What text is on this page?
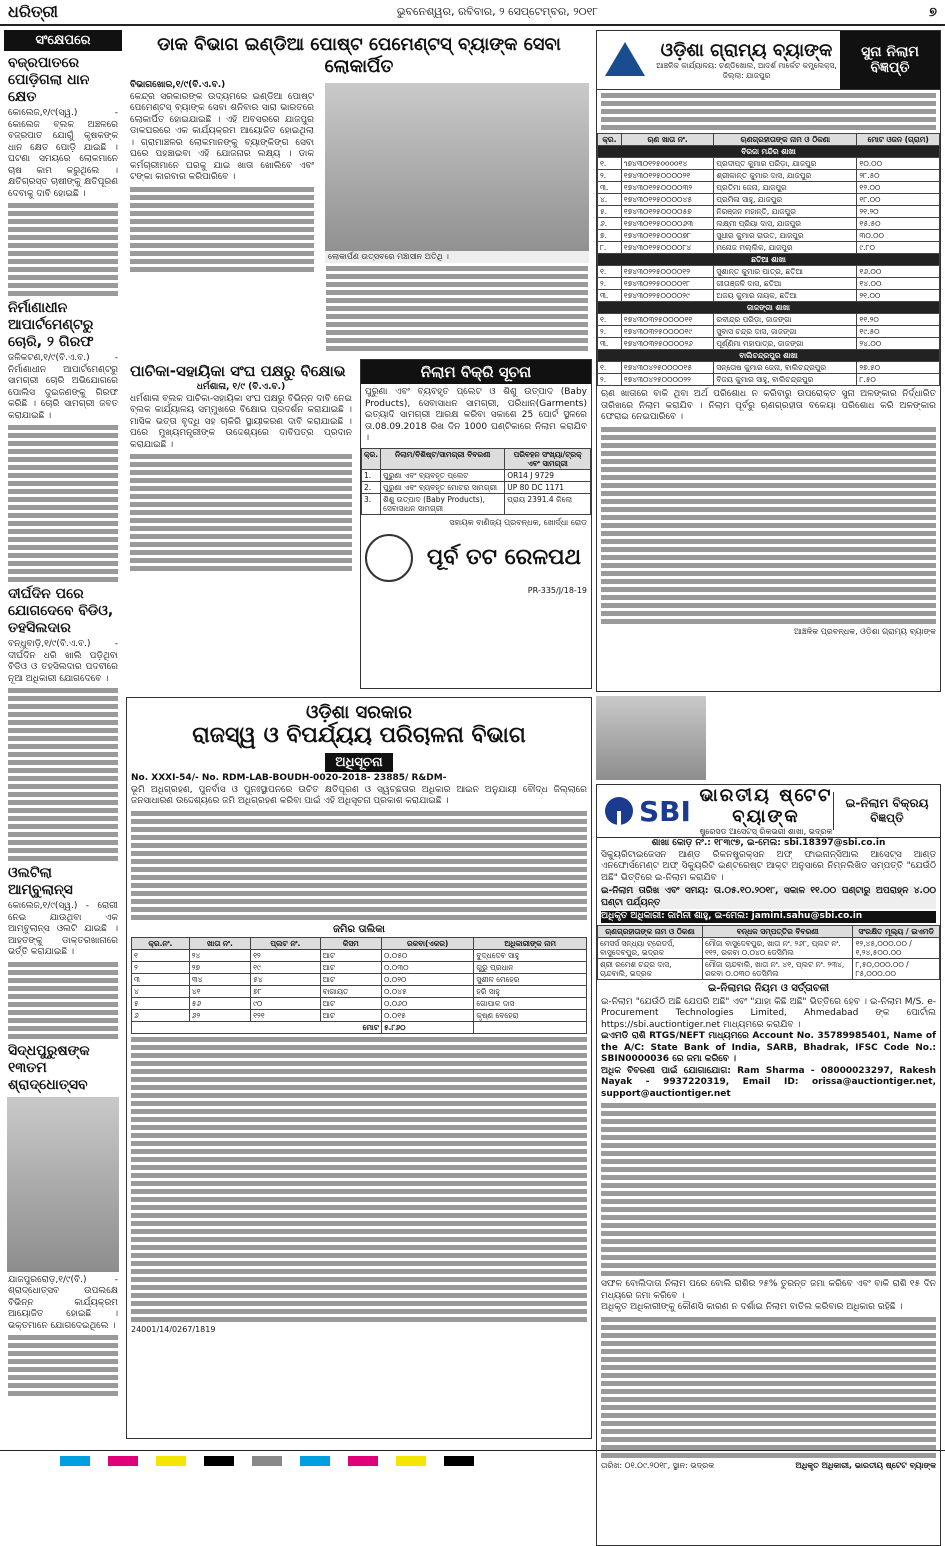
ଧରିତ୍ରୀ	ଭୁବନେଶ୍ୱର, ରବିବାର, ୨ ସେପ୍ଟେମ୍ବର, ୨୦୧୮	୭
ସଂକ୍ଷେପରେ
ବଜ୍ରପାତରେ ପୋଡ଼ିଗଲା ଧାନ କ୍ଷେତ
କୋଲେଜ,୧/୯(ସ୍ୱ.) - କୋଲେଜ ବ୍ଲକ ଅଞ୍ଚଳରେ ବଜ୍ରପାତ ଯୋଗୁଁ କୃଷକଙ୍କ ଧାନ କ୍ଷେତ ପୋଡ଼ି ଯାଇଛି । ଘଟଣା ସମୟରେ ଲୋକମାନେ ଚାଷ କାମ କରୁଥିଲେ । କ୍ଷତିଗ୍ରସ୍ତ ଚାଷୀଙ୍କୁ କ୍ଷତିପୂରଣ ଦେବାକୁ ଦାବି ହୋଇଛି ।
ନିର୍ମାଣାଧୀନ ଆପାର୍ଟମେଣ୍ଟରୁ ଚୋରି, ୨ ଗିରଫ
ଜଳିକଟଣ,୧/୯(ବି.ଏ.ବ.) - ନିର୍ମାଣାଧୀନ ଆପାର୍ଟମେଣ୍ଟରୁ ସାମଗ୍ରୀ ଚୋରି ଅଭିଯୋଗରେ ପୋଲିସ ଦୁଇଜଣଙ୍କୁ ଗିରଫ କରିଛି । ଚୋରି ସାମଗ୍ରୀ ଜବତ କରାଯାଇଛି ।
ଦୀର୍ଘଦିନ ପରେ ଯୋଗଦେବେ ବିଡିଓ, ତହସିଲଦାର
ବନ୍ଧୁବାଡ଼ି,୧/୯(ବି.ଏ.ବ.) - ଦୀର୍ଘଦିନ ଧରି ଖାଲି ପଡ଼ିଥିବା ବିଡିଓ ଓ ତହସିଲଦାର ପଦବୀରେ ନୂଆ ଅଧିକାରୀ ଯୋଗଦେବେ ।
ଓଲଟିଲା ଆମ୍ବୁଲାନ୍ସ
କୋଲେଜ,୧/୯(ସ୍ୱ.) - ରୋଗୀ ନେଇ ଯାଉଥିବା ଏକ ଆମ୍ବୁଲାନ୍ସ ଓଲଟି ଯାଇଛି । ଆହତଙ୍କୁ ଡାକ୍ତରଖାନାରେ ଭର୍ତ୍ତି କରାଯାଇଛି ।
ସିଦ୍ଧପୁରୁଷଙ୍କ ୧୩ତମ ଶ୍ରାଦ୍ଧୋତ୍ସବ
ଯାଜପୁରରୋଡ଼,୧/୯(ବି.) - ଶ୍ରାଦ୍ଧୋତ୍ସବ ଉପଲକ୍ଷେ ବିଭିନ୍ନ କାର୍ଯ୍ୟକ୍ରମ ଆୟୋଜିତ ହୋଇଛି । ଭକ୍ତମାନେ ଯୋଗଦେଇଥିଲେ ।
ଡାକ ବିଭାଗ ଇଣ୍ଡିଆ ପୋଷ୍ଟ ପେମେଣ୍ଟସ୍ ବ୍ୟାଙ୍କ ସେବା ଲୋକାର୍ପିତ
ବିଭାଗଖୋର,୧/୯(ବି.ଏ.ବ.)
କେନ୍ଦ୍ର ସରକାରଙ୍କ ଉଦ୍ୟମରେ ଇଣ୍ଡିଆ ପୋଷ୍ଟ ପେମେଣ୍ଟସ୍ ବ୍ୟାଙ୍କ ସେବା ଶନିବାର ସାରା ଭାରତରେ ଲୋକାର୍ପିତ ହୋଇଯାଇଛି । ଏହି ଅବସରରେ ଯାଜପୁର ଡାକଘରରେ ଏକ କାର୍ଯ୍ୟକ୍ରମ ଆୟୋଜିତ ହୋଇଥିଲା । ଗ୍ରାମାଞ୍ଚଳର ଲୋକମାନଙ୍କୁ ବ୍ୟାଙ୍କିଙ୍ଗ ସେବା ଘରେ ପହଞ୍ଚାଇବା ଏହି ଯୋଜନାର ଲକ୍ଷ୍ୟ । ଡାକ କର୍ମଚାରୀମାନେ ଘରକୁ ଯାଇ ଖାତା ଖୋଲିବେ ଏବଂ ଟଙ୍କା କାରବାର କରିପାରିବେ ।
ଲୋକାର୍ପଣ ଉତ୍ସବରେ ମଞ୍ଚାସୀନ ଅତିଥି ।
ପାଚିକା-ସହାୟିକା ସଂଘ ପକ୍ଷରୁ ବିକ୍ଷୋଭ
ଧର୍ମଶାଳା, ୧/୯ (ବି.ଏ.ବ.)
ଧର୍ମଶାଳା ବ୍ଲକ ପାଚିକା-ସହାୟିକା ସଂଘ ପକ୍ଷରୁ ବିଭିନ୍ନ ଦାବି ନେଇ ବ୍ଲକ କାର୍ଯ୍ୟାଳୟ ସମ୍ମୁଖରେ ବିକ୍ଷୋଭ ପ୍ରଦର୍ଶନ କରାଯାଇଛି । ମାସିକ ଭତ୍ତା ବୃଦ୍ଧି ସହ ଚାକିରି ସ୍ଥାୟୀକରଣ ଦାବି କରାଯାଇଛି । ପରେ ମୁଖ୍ୟମନ୍ତ୍ରୀଙ୍କ ଉଦ୍ଦେଶ୍ୟରେ ଦାବିପତ୍ର ପ୍ରଦାନ କରାଯାଇଛି ।
ନିଲାମ ବିକ୍ରି ସୂଚନା
ପୁରୁଣା ଏବଂ ବ୍ୟବହୃତ ପ୍ଲେଟ ଓ ଶିଶୁ ଉତ୍ପାଦ (Baby Products), ସେବାସାଧନ ସାମଗ୍ରୀ, ପରିଧାନ(Garments) ଇତ୍ୟାଦି ସାମଗ୍ରୀ ଆରକ୍ଷ କରିବା ସକାଶେ 25 ପୋର୍ଟ ସ୍ଥଳରେ ତା.08.09.2018 ରିଖ ଦିନ 1000 ଘଣ୍ଟିକାରେ ନିଲାମ କରାଯିବ ।
କ୍ର.	ନିଲାମ/ବିଶିଷ୍ଟ/ସାମଗ୍ରୀ ବିବରଣୀ	ପରିବହନ ସଂଖ୍ୟା/ଟ୍ରକ୍ ଏବଂ ସାମଗ୍ରୀ
1.	ପୁରୁଣା ଏବଂ ବ୍ୟବହୃତ ପ୍ଲେଟ	OR14 J 9729
2.	ପୁରୁଣା ଏବଂ ବ୍ୟବହୃତ ମୋଟର ସାମଗ୍ରୀ	UP 80 DC 1171
3.	ଶିଶୁ ଉତ୍ପାଦ (Baby Products), ସେବାସାଧନ ସାମଗ୍ରୀ	ପ୍ରାୟ 2391.4 କିଲୋ
ସହାୟକ ବାଣିଜ୍ୟ ପ୍ରବନ୍ଧକ, ଖୋର୍ଦ୍ଧା ରୋଡ଼
ପୂର୍ବ ତଟ ରେଳପଥ
PR-335/J/18-19
ଓଡ଼ିଶା ସରକାର
ରାଜସ୍ୱ ଓ ବିପର୍ଯ୍ୟୟ ପରିଚାଳନା ବିଭାଗ
ଅଧିସୂଚନା
No. XXXI-54/- No. RDM-LAB-BOUDH-0020-2018- 23885/ R&DM-
ଭୂମି ଅଧିଗ୍ରହଣ, ପୁନର୍ବାସ ଓ ପୁନଃସ୍ଥାପନରେ ଉଚିତ କ୍ଷତିପୂରଣ ଓ ସ୍ୱଚ୍ଛତାର ଅଧିକାର ଆଇନ ଅନୁଯାୟୀ ବୌଦ୍ଧ ଜିଲ୍ଲାରେ ଜନସାଧାରଣ ଉଦ୍ଦେଶ୍ୟରେ ଜମି ଅଧିଗ୍ରହଣ କରିବା ପାଇଁ ଏହି ଅଧିସୂଚନା ପ୍ରକାଶ କରାଯାଇଛି ।
ଜମିର ତାଲିକା
କ୍ର.ନଂ.	ଖାତା ନଂ.	ପ୍ଲଟ ନଂ.	କିସମ	ରକବା(ଏକର)	ଅଧିକାରୀଙ୍କ ନାମ
୧	୨୪	୧୨	ଆଟ	୦.୦୫୦	ବୁଦ୍ଧଦେବ ସାହୁ
୨	୨୭	୧୯	ଆଟ	୦.୦୩୦	ଗୁରୁ ପ୍ରଧାନ
୩	୩୪	୫୪	ଆଟ	୦.୦୨୦	ସୁଶୀଳ ମେହେର
୪	୪୧	୭୮	ବାଗାୟତ	୦.୦୪୫	ହରି ସାହୁ
୫	୫୬	୯୦	ଆଟ	୦.୦୬୦	ଗୋପାଳ ଦାସ
୬	୬୨	୧୨୧	ଆଟ	୦.୦୧୫	କୃଷ୍ଣ ବେହେରା
ମୋଟ				୫.୮୬୦	
24001/14/0267/1819
ଓଡ଼ିଶା ଗ୍ରାମ୍ୟ ବ୍ୟାଙ୍କ
ଆଞ୍ଚଳିକ କାର୍ଯ୍ୟାଳୟ: ଚଣ୍ଡିଖୋଲ, ଆଦର୍ଶ ମାର୍କେଟ କମ୍ପ୍ଲେକ୍ସ, ଜିଲ୍ଲା: ଯାଜପୁର
ସୁନା ନିଲାମ ବିଜ୍ଞପ୍ତି
କ୍ର.	ଋଣ ଖାତା ନଂ.	ଋଣଗ୍ରହୀତାଙ୍କ ନାମ ଓ ଠିକଣା	ମୋଟ ଓଜନ (ଗ୍ରାମ)
ବିରଜା ମନ୍ଦିର ଶାଖା			
୧.	૧୭୪୩୦୧୨୫૦૦૦૦୧୪	ପ୍ରଦୀପ୍ତ କୁମାର ପରିଡ଼ା, ଯାଜପୁର	୧୦.୦୦
୨.	୧୭୪୩୦୧୨୫୦୦୦୦୨୧	ଶ୍ରୀକାନ୍ତ କୁମାର ଦାସ, ଯାଜପୁର	୨୮.୫୦
୩.	୧୭୪୩୦୧୨୫୦୦୦୦୩୨	ପ୍ରତିମା ଜେନା, ଯାଜପୁର	୧୨.୦୦
୪.	୧୭୪୩୦୧୨୫୦୦୦୦୪୫	ପ୍ରମିଳା ସାହୁ, ଯାଜପୁର	୧୮.୦୦
୫.	୧୭୪୩୦୧୨୫୦୦୦୦୫୭	ନିରଞ୍ଜନ ମହାନ୍ତି, ଯାଜପୁର	୨୧.୨୦
୬.	୧୭୪୩୦୧୨୫୦୦୦୦୬୩	ଲକ୍ଷ୍ମୀ ପ୍ରିୟା ଦାସ, ଯାଜପୁର	୧୫.୫୦
୭.	୧୭୪୩୦୧୨୫୦୦୦୦୭୮	ସୁଧୀର କୁମାର ରାଉତ, ଯାଜପୁର	୩୦.୦୦
୮.	୧୭୪୩୦୧୨୫୦୦୦୦୮୪	ମନୋଜ ମଲ୍ଲିକ, ଯାଜପୁର	୯.୮୦
ଛତିଆ ଶାଖା			
୧.	୧୭୪୩୦୨୨୫୦୦୦୦୧୨	ସୁଶାନ୍ତ କୁମାର ପାତ୍ର, ଛତିଆ	୧୬.୦୦
୨.	୧୭୪୩୦୨୨୫୦୦୦୦୧୮	ଗୀତାଞ୍ଜଳି ଦାସ, ଛତିଆ	୧୪.୦୦
୩.	୧୭୪୩୦୨୨୫୦୦୦୦୨୯	ଅଜୟ କୁମାର ନାୟକ, ଛତିଆ	୨୧.୦୦
ଜାଜଙ୍ଗା ଶାଖା			
୧.	୧୭୪୩୦୩୨୫୦୦୦୦୧୧	ରବୀନ୍ଦ୍ର ପରିଡ଼ା, ଜାଜଙ୍ଗା	୧୧.୨୦
୨.	୧୭୪୩୦୩୨୫୦୦୦୦୧୯	ସୁବାସ ଚନ୍ଦ୍ର ଦାସ, ଜାଜଙ୍ଗା	୧୯.୫୦
୩.	୧୭୪୩୦୩୨୫୦୦୦୦୨୬	ପୂର୍ଣ୍ଣିମା ମହାପାତ୍ର, ଜାଜଙ୍ଗା	୨୪.୦୦
ବାଲିଚନ୍ଦ୍ରପୁର ଶାଖା			
୧.	୧୭୪୩୦୪୨୫୦୦୦୦୧୫	ସନ୍ତୋଷ କୁମାର ଜେନା, ବାଲିଚନ୍ଦ୍ରପୁର	୨୭.୫୦
୨.	୧୭୪୩୦୪୨୫୦୦୦୦୨୨	ବିଜୟ କୁମାର ସାହୁ, ବାଲିଚନ୍ଦ୍ରପୁର	୮.୫୦
ଋଣ ଖାତାରେ ବାକି ଥିବା ଅର୍ଥ ପରିଶୋଧ ନ କରିବାରୁ ଉପରୋକ୍ତ ସୁନା ଅଳଙ୍କାର ନିର୍ଦ୍ଧାରିତ ତାରିଖରେ ନିଲାମ କରାଯିବ । ନିଲାମ ପୂର୍ବରୁ ଋଣଗ୍ରହୀତା ବକେୟା ପରିଶୋଧ କରି ଅଳଙ୍କାର ଫେରାଇ ନେଇପାରିବେ ।
ଆଞ୍ଚଳିକ ପ୍ରବନ୍ଧକ, ଓଡ଼ିଶା ଗ୍ରାମ୍ୟ ବ୍ୟାଙ୍କ
SBI ଭାରତୀୟ ଷ୍ଟେଟ ବ୍ୟାଙ୍କ
ଷ୍ଟ୍ରେସଡ ଆସେଟସ୍ ରିକଭରୀ ଶାଖା, ଭଦ୍ରକ
ଇ-ନିଲାମ ବିକ୍ରୟ ବିଜ୍ଞପ୍ତି
ଶାଖା କୋଡ଼ ନଂ.: ୧୮୩୯୭, ଇ-ମେଲ: sbi.18397@sbi.co.in
ସିକ୍ୟୁରିଟାଇଜେସନ ଆଣ୍ଡ ରିକନଷ୍ଟ୍ରକ୍ସନ ଅଫ୍ ଫାଇନାନ୍ସିଆଲ ଆସେଟ୍ସ ଆଣ୍ଡ ଏନଫୋର୍ସମେଣ୍ଟ ଅଫ୍ ସିକ୍ୟୁରିଟି ଇଣ୍ଟରେଷ୍ଟ ଆକ୍ଟ ଅନୁସାରେ ନିମ୍ନଲିଖିତ ସମ୍ପତ୍ତି "ଯେଉଁଠି ଅଛି" ଭିତ୍ତିରେ ଇ-ନିଲାମ କରାଯିବ ।
ଇ-ନିଲାମ ତାରିଖ ଏବଂ ସମୟ: ତା.୦୫.୧୦.୨୦୧୮, ସକାଳ ୧୧.୦୦ ଘଣ୍ଟାରୁ ଅପରାହ୍ନ ୪.୦୦ ଘଣ୍ଟା ପର୍ଯ୍ୟନ୍ତ
ଅଧିକୃତ ଅଧିକାରୀ: ଜାମିନୀ ଶାହୁ, ଇ-ମେଲ: jamini.sahu@sbi.co.in
ଋଣଗ୍ରହୀତାଙ୍କ ନାମ ଓ ଠିକଣା	ବନ୍ଧକ ସମ୍ପତ୍ତିର ବିବରଣୀ	ସଂରକ୍ଷିତ ମୂଲ୍ୟ / ଇଏମଡି
ମେସର୍ସ ସନ୍ଧ୍ୟା ଟ୍ରେଡର୍ସ, ବାସୁଦେବପୁର, ଭଦ୍ରକ	ମୌଜା ବାସୁଦେବପୁର, ଖାତା ନଂ. ୨୬୮, ପ୍ଲଟ ନଂ. ୧୧୨, ରକବା ୦.୦୪୦ ଡେସିମିଲ	୧୨,୪୫,୦୦୦.୦୦ / ୧,୨୪,୫୦୦.୦୦
ଶ୍ରୀ ରମେଶ ଚନ୍ଦ୍ର ଦାସ, ଚାନ୍ଦବାଲି, ଭଦ୍ରକ	ମୌଜା ଚାନ୍ଦବାଲି, ଖାତା ନଂ. ୪୧, ପ୍ଲଟ ନଂ. ୨୩୪, ରକବା ୦.୦୩୦ ଡେସିମିଲ	୮,୫୦,୦୦୦.୦୦ / ୮୫,୦୦୦.୦୦
ଇ-ନିଲାମର ନିୟମ ଓ ସର୍ତ୍ତାବଳୀ
ଇ-ନିଲାମ "ଯେଉଁଠି ଅଛି ଯେପରି ଅଛି" ଏବଂ "ଯାହା କିଛି ଅଛି" ଭିତ୍ତିରେ ହେବ । ଇ-ନିଲାମ M/S. e-Procurement Technologies Limited, Ahmedabad ଙ୍କ ପୋର୍ଟାଲ https://sbi.auctiontiger.net ମାଧ୍ୟମରେ କରାଯିବ ।
ଇଏମଡି ରାଶି RTGS/NEFT ମାଧ୍ୟମରେ Account No. 35789985401, Name of the A/C: State Bank of India, SARB, Bhadrak, IFSC Code No.: SBIN0000036 ରେ ଜମା କରିବେ ।
ଅଧିକ ବିବରଣୀ ପାଇଁ ଯୋଗାଯୋଗ: Ram Sharma - 08000023297, Rakesh Nayak - 9937220319, Email ID: orissa@auctiontiger.net, support@auctiontiger.net
ସଫଳ ବୋଲିଦାତା ନିଲାମ ପରେ ବୋଲି ରାଶିର ୨୫% ତୁରନ୍ତ ଜମା କରିବେ ଏବଂ ବାକି ରାଶି ୧୫ ଦିନ ମଧ୍ୟରେ ଜମା କରିବେ ।
ଅଧିକୃତ ଅଧିକାରୀଙ୍କୁ କୌଣସି କାରଣ ନ ଦର୍ଶାଇ ନିଲାମ ବାତିଲ କରିବାର ଅଧିକାର ରହିଛି ।
ତାରିଖ: ୦୧.୦୯.୨୦୧୮, ସ୍ଥାନ: ଭଦ୍ରକ	ଅଧିକୃତ ଅଧିକାରୀ, ଭାରତୀୟ ଷ୍ଟେଟ ବ୍ୟାଙ୍କ
